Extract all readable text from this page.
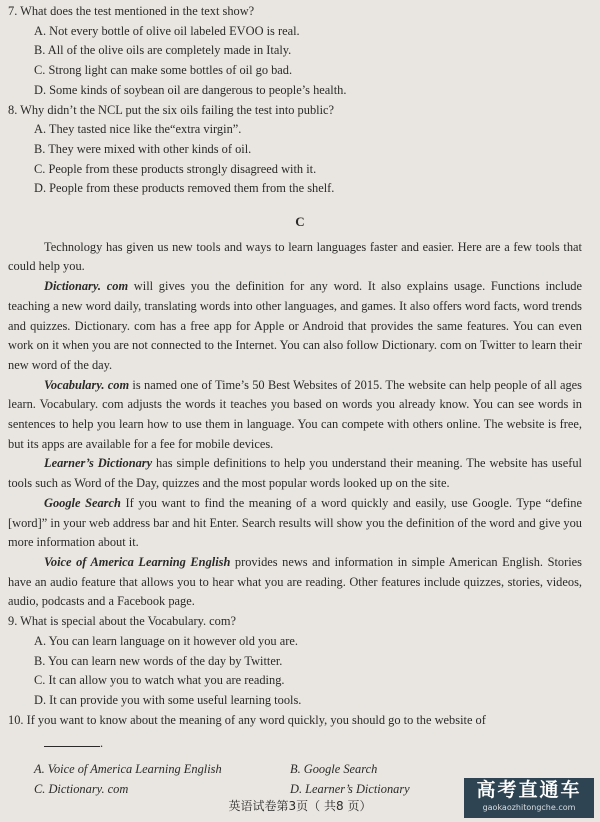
7. What does the test mentioned in the text show?

A. Not every bottle of olive oil labeled EVOO is real.

B. All of the olive oils are completely made in Italy.

C. Strong light can make some bottles of oil go bad.

D. Some kinds of soybean oil are dangerous to people’s health.

8. Why didn’t the NCL put the six oils failing the test into public?

A. They tasted nice like the“extra virgin”.

B. They were mixed with other kinds of oil.

C. People from these products strongly disagreed with it.

D. People from these products removed them from the shelf.

C

Technology has given us new tools and ways to learn languages faster and easier. Here are a few tools that could help you.

Dictionary. com will gives you the definition for any word. It also explains usage. Functions include teaching a new word daily, translating words into other languages, and games. It also offers word facts, word trends and quizzes. Dictionary. com has a free app for Apple or Android that provides the same features. You can even work on it when you are not connected to the Internet. You can also follow Dictionary. com on Twitter to learn their new word of the day.

Vocabulary. com is named one of Time’s 50 Best Websites of 2015. The website can help people of all ages learn. Vocabulary. com adjusts the words it teaches you based on words you already know. You can see words in sentences to help you learn how to use them in language. You can compete with others online. The website is free, but its apps are available for a fee for mobile devices.

Learner’s Dictionary has simple definitions to help you understand their meaning. The website has useful tools such as Word of the Day, quizzes and the most popular words looked up on the site.

Google Search If you want to find the meaning of a word quickly and easily, use Google. Type “define [word]” in your web address bar and hit Enter. Search results will show you the definition of the word and give you more information about it.

Voice of America Learning English provides news and information in simple American English. Stories have an audio feature that allows you to hear what you are reading. Other features include quizzes, stories, videos, audio, podcasts and a Facebook page.

9. What is special about the Vocabulary. com?

A. You can learn language on it however old you are.

B. You can learn new words of the day by Twitter.

C. It can allow you to watch what you are reading.

D. It can provide you with some useful learning tools.

10. If you want to know about the meaning of any word quickly, you should go to the website of

.

A. Voice of America Learning English	B. Google Search

C. Dictionary. com	D. Learner’s Dictionary

英语试卷第3页（ 共8 页）
高考直通车
gaokaozhitongche.com
